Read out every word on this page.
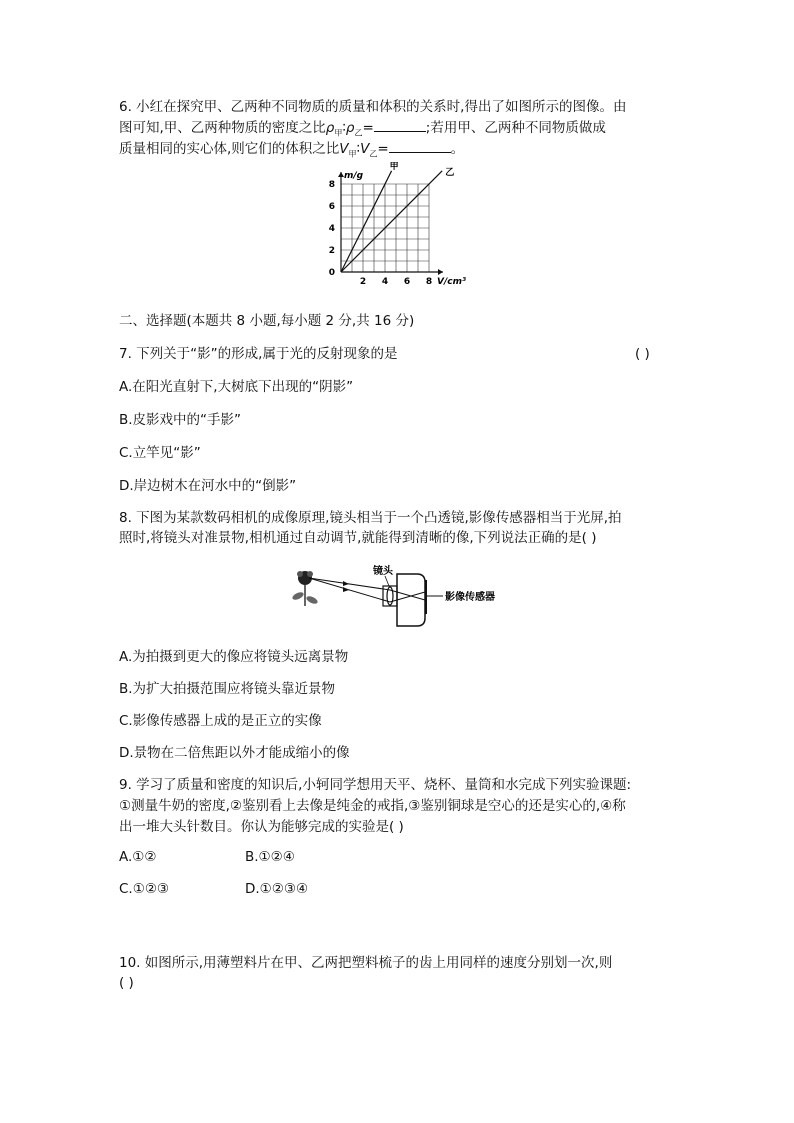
6. 小红在探究甲、乙两种不同物质的质量和体积的关系时,得出了如图所示的图像。由
图可知,甲、乙两种物质的密度之比$\rho_甲∶\rho_乙=$	;若用甲、乙两种不同物质做成
质量相同的实心体,则它们的体积之比$V_甲∶V_乙=$	。
2 4 6 8
2
4
6
8
0
m/g
V/cm³
甲
乙
二、选择题(本题共 8 小题,每小题 2 分,共 16 分)
7. 下列关于“影”的形成,属于光的反射现象的是	( )
A.在阳光直射下,大树底下出现的“阴影”
B.皮影戏中的“手影”
C.立竿见“影”
D.岸边树木在河水中的“倒影”
8. 下图为某款数码相机的成像原理,镜头相当于一个凸透镜,影像传感器相当于光屏,拍
照时,将镜头对准景物,相机通过自动调节,就能得到清晰的像,下列说法正确的是( )
镜头
影像传感器
A.为拍摄到更大的像应将镜头远离景物
B.为扩大拍摄范围应将镜头靠近景物
C.影像传感器上成的是正立的实像
D.景物在二倍焦距以外才能成缩小的像
9. 学习了质量和密度的知识后,小轲同学想用天平、烧杯、量筒和水完成下列实验课题:
①测量牛奶的密度,②鉴别看上去像是纯金的戒指,③鉴别铜球是空心的还是实心的,④称
出一堆大头针数目。你认为能够完成的实验是( )
A.①②	B.①②④
C.①②③	D.①②③④
10. 如图所示,用薄塑料片在甲、乙两把塑料梳子的齿上用同样的速度分别划一次,则
( )
